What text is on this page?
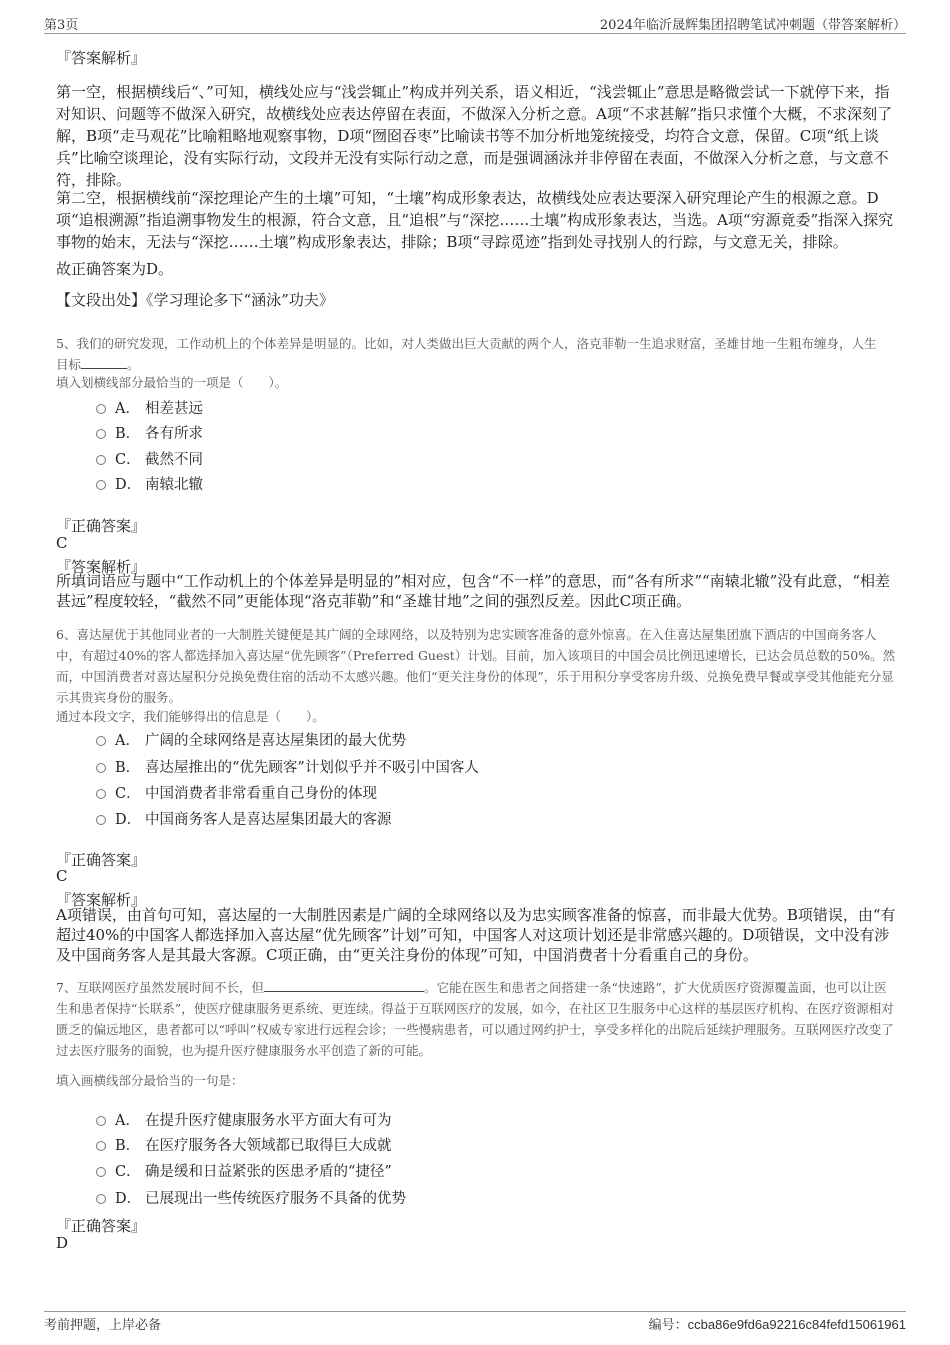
第3页	2024年临沂晟辉集团招聘笔试冲刺题（带答案解析）
『答案解析』
第一空，根据横线后“、”可知，横线处应与“浅尝辄止”构成并列关系，语义相近，“浅尝辄止”意思是略微尝试一下就停下来，指对知识、问题等不做深入研究，故横线处应表达停留在表面，不做深入分析之意。A项“不求甚解”指只求懂个大概，不求深刻了解，B项“走马观花”比喻粗略地观察事物，D项“囫囵吞枣”比喻读书等不加分析地笼统接受，均符合文意，保留。C项“纸上谈兵”比喻空谈理论，没有实际行动，文段并无没有实际行动之意，而是强调涵泳并非停留在表面，不做深入分析之意，与文意不符，排除。
第二空，根据横线前“深挖理论产生的土壤”可知，“土壤”构成形象表达，故横线处应表达要深入研究理论产生的根源之意。D项“追根溯源”指追溯事物发生的根源，符合文意，且“追根”与“深挖……土壤”构成形象表达，当选。A项“穷源竟委”指深入探究事物的始末，无法与“深挖……土壤”构成形象表达，排除；B项“寻踪觅迹”指到处寻找别人的行踪，与文意无关，排除。
故正确答案为D。
【文段出处】《学习理论多下“涵泳”功夫》
5、我们的研究发现，工作动机上的个体差异是明显的。比如，对人类做出巨大贡献的两个人，洛克菲勒一生追求财富，圣雄甘地一生粗布缠身，人生目标	。
填入划横线部分最恰当的一项是（　　）。
A． 相差甚远
B． 各有所求
C． 截然不同
D． 南辕北辙
『正确答案』
C
『答案解析』
所填词语应与题中“工作动机上的个体差异是明显的”相对应，包含“不一样”的意思，而“各有所求”“南辕北辙”没有此意，“相差甚远”程度较轻，“截然不同”更能体现“洛克菲勒”和“圣雄甘地”之间的强烈反差。因此C项正确。
6、喜达屋优于其他同业者的一大制胜关键便是其广阔的全球网络，以及特别为忠实顾客准备的意外惊喜。在入住喜达屋集团旗下酒店的中国商务客人中，有超过40%的客人都选择加入喜达屋“优先顾客”（Preferred Guest）计划。目前，加入该项目的中国会员比例迅速增长，已达会员总数的50%。然而，中国消费者对喜达屋积分兑换免费住宿的活动不太感兴趣。他们“更关注身份的体现”，乐于用积分享受客房升级、兑换免费早餐或享受其他能充分显示其贵宾身份的服务。
通过本段文字，我们能够得出的信息是（　　）。
A． 广阔的全球网络是喜达屋集团的最大优势
B． 喜达屋推出的“优先顾客”计划似乎并不吸引中国客人
C． 中国消费者非常看重自己身份的体现
D． 中国商务客人是喜达屋集团最大的客源
『正确答案』
C
『答案解析』
A项错误，由首句可知，喜达屋的一大制胜因素是广阔的全球网络以及为忠实顾客准备的惊喜，而非最大优势。B项错误，由“有超过40%的中国客人都选择加入喜达屋“优先顾客”计划”可知，中国客人对这项计划还是非常感兴趣的。D项错误，文中没有涉及中国商务客人是其最大客源。C项正确，由“更关注身份的体现”可知，中国消费者十分看重自己的身份。
7、互联网医疗虽然发展时间不长，但	。它能在医生和患者之间搭建一条“快速路”，扩大优质医疗资源覆盖面，也可以让医生和患者保持“长联系”，使医疗健康服务更系统、更连续。得益于互联网医疗的发展，如今，在社区卫生服务中心这样的基层医疗机构、在医疗资源相对匮乏的偏远地区，患者都可以“呼叫”权威专家进行远程会诊；一些慢病患者，可以通过网约护士，享受多样化的出院后延续护理服务。互联网医疗改变了过去医疗服务的面貌，也为提升医疗健康服务水平创造了新的可能。
填入画横线部分最恰当的一句是：
A． 在提升医疗健康服务水平方面大有可为
B． 在医疗服务各大领域都已取得巨大成就
C． 确是缓和日益紧张的医患矛盾的“捷径”
D． 已展现出一些传统医疗服务不具备的优势
『正确答案』
D
考前押题，上岸必备	编号：ccba86e9fd6a92216c84fefd15061961
